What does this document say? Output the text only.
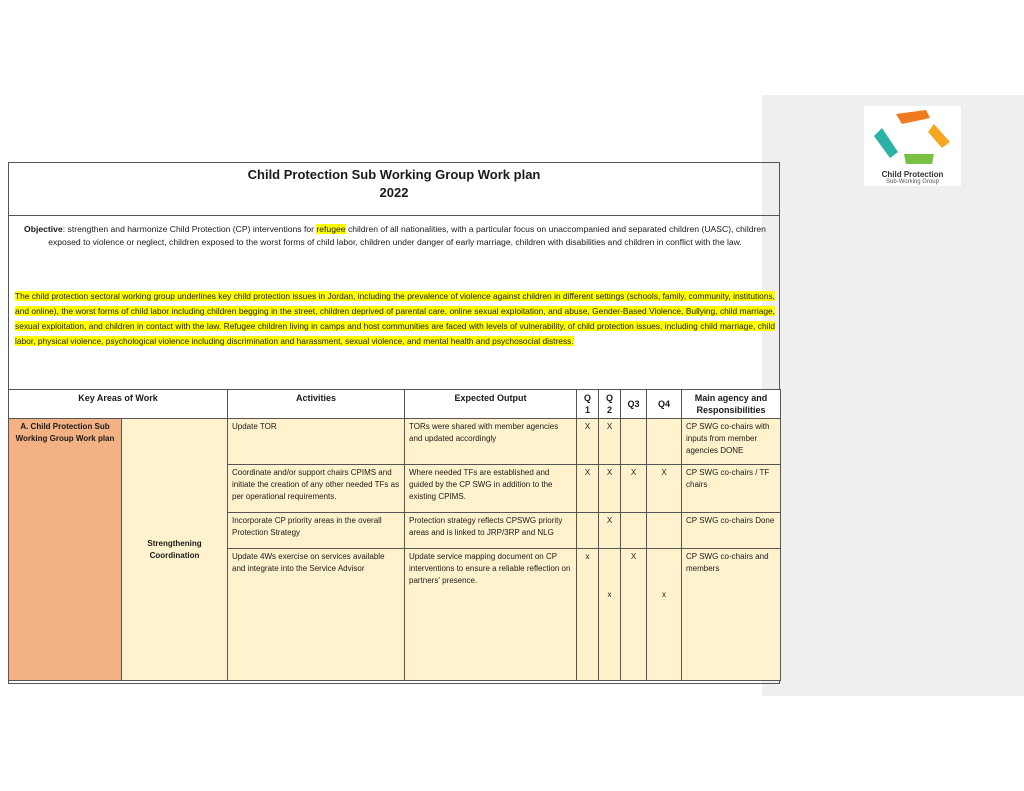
Child Protection
Sub-Working Group
Child Protection Sub Working Group Work plan
2022
Objective: strengthen and harmonize Child Protection (CP) interventions for refugee children of all nationalities, with a particular focus on unaccompanied and separated children (UASC), children exposed to violence or neglect, children exposed to the worst forms of child labor, children under danger of early marriage, children with disabilities and children in conflict with the law.
The child protection sectoral working group underlines key child protection issues in Jordan, including the prevalence of violence against children in different settings (schools, family, community, institutions, and online), the worst forms of child labor including children begging in the street, children deprived of parental care, online sexual exploitation, and abuse, Gender-Based Violence, Bullying, child marriage, sexual exploitation, and children in contact with the law. Refugee children living in camps and host communities are faced with levels of vulnerability, of child protection issues, including child marriage, child labor, physical violence, psychological violence including discrimination and harassment, sexual violence, and mental health and psychosocial distress.
Key Areas of Work		Activities	Expected Output	Q 1	Q 2	Q3	Q4	Main agency and Responsibilities
A. Child Protection Sub Working Group Work plan	Strengthening Coordination	Update TOR	TORs were shared with member agencies and updated accordingly	X	X			CP SWG co-chairs with inputs from member agencies DONE
		Coordinate and/or support chairs CPIMS and initiate the creation of any other needed TFs as per operational requirements.	Where needed TFs are established and guided by the CP SWG in addition to the existing CPIMS.	X	X	X	X	CP SWG co-chairs / TF chairs
		Incorporate CP priority areas in the overall Protection Strategy	Protection strategy reflects CPSWG priority areas and is linked to JRP/3RP and NLG		X			CP SWG co-chairs Done
		Update 4Ws exercise on services available and integrate into the Service Advisor	Update service mapping document on CP interventions to ensure a reliable reflection on partners' presence.	x	x	X	x	CP SWG co-chairs and members
